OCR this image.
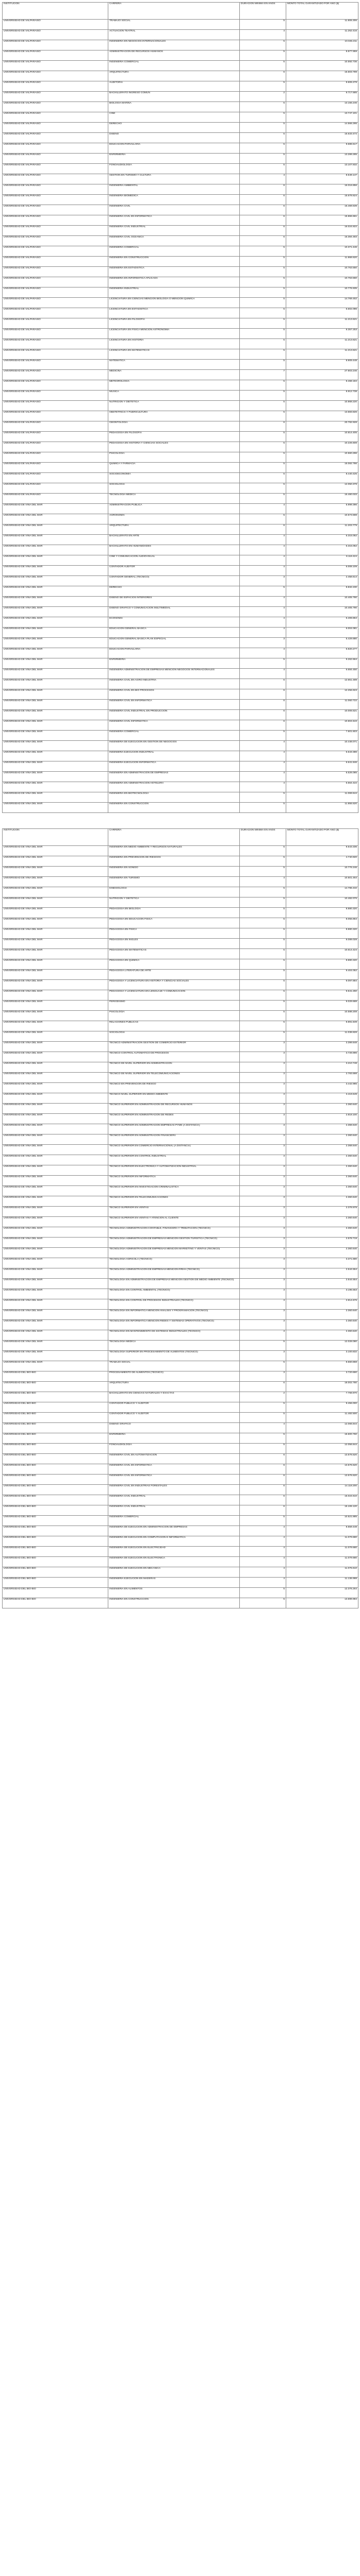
INSTITUCION	CARRERA	DURACION MINIMA EN AÑOS	MONTO TOTAL GARANTIZADO POR AÑO ($)
UNIVERSIDAD DE VALPARAISO	TRABAJO SOCIAL	5	11.806.306
UNIVERSIDAD DE VALPARAISO	ACTUACION TEATRAL	4	11.262.416
UNIVERSIDAD DE VALPARAISO	INGENIERIA EN NEGOCIOS INTERNACIONALES	5	10.045.211
UNIVERSIDAD DE VALPARAISO	ADMINISTRACION DE RECURSOS HUMANOS	5	8.877.959
UNIVERSIDAD DE VALPARAISO	INGENIERIA COMERCIAL	5	10.592.736
UNIVERSIDAD DE VALPARAISO	ARQUITECTURA	6	15.603.789
UNIVERSIDAD DE VALPARAISO	AUDITORIA	5	8.606.278
UNIVERSIDAD DE VALPARAISO	BACHILLERATO INGRESO COMUN	2	9.717.685
UNIVERSIDAD DE VALPARAISO	BIOLOGIA MARINA	5	13.155.246
UNIVERSIDAD DE VALPARAISO	CINE	5	13.747.101
UNIVERSIDAD DE VALPARAISO	DERECHO	5	14.566.295
UNIVERSIDAD DE VALPARAISO	DISEÑO	5	15.633.472
UNIVERSIDAD DE VALPARAISO	EDUCACION PARVULARIA	5	9.686.517
UNIVERSIDAD DE VALPARAISO	ENFERMERIA	5	13.289.285
UNIVERSIDAD DE VALPARAISO	FONOAUDIOLOGIA	5	13.107.832
UNIVERSIDAD DE VALPARAISO	GESTION EN TURISMO Y CULTURA	4	8.549.147
UNIVERSIDAD DE VALPARAISO	INGENIERIA AMBIENTAL	6	16.016.856
UNIVERSIDAD DE VALPARAISO	INGENIERIA BIOMEDICA	6	15.678.624
UNIVERSIDAD DE VALPARAISO	INGENIERIA CIVIL	6	15.469.639
UNIVERSIDAD DE VALPARAISO	INGENIERIA CIVIL EN INFORMATICA	6	15.866.661
UNIVERSIDAD DE VALPARAISO	INGENIERIA CIVIL INDUSTRIAL	6	16.024.822
UNIVERSIDAD DE VALPARAISO	INGENIERIA CIVIL OCEANICA	6	15.384.483
UNIVERSIDAD DE VALPARAISO	INGENIERIA COMERCIAL	5	10.371.446
UNIVERSIDAD DE VALPARAISO	INGENIERIA EN CONSTRUCCION	5	11.868.620
UNIVERSIDAD DE VALPARAISO	INGENIERIA EN ESTADISTICA	5	10.763.550
UNIVERSIDAD DE VALPARAISO	INGENIERIA EN INFORMATICA APLICADA	5	10.763.550
UNIVERSIDAD DE VALPARAISO	INGENIERIA INDUSTRIAL	5	10.776.935
UNIVERSIDAD DE VALPARAISO	LICENCIATURA EN CIENCIAS MENCION BIOLOGIA O MENCION QUIMICA	5	14.769.452
UNIVERSIDAD DE VALPARAISO	LICENCIATURA EN ESTADISTICA	5	6.602.096
UNIVERSIDAD DE VALPARAISO	LICENCIATURA EN FILOSOFIA	5	11.213.621
UNIVERSIDAD DE VALPARAISO	LICENCIATURA EN FISICA MENCION ASTRONOMIA	5	8.357.253
UNIVERSIDAD DE VALPARAISO	LICENCIATURA EN HISTORIA	5	11.213.621
UNIVERSIDAD DE VALPARAISO	LICENCIATURA EN MATEMATICAS	5	11.213.621
UNIVERSIDAD DE VALPARAISO	MATEMATICA	5	8.909.448
UNIVERSIDAD DE VALPARAISO	MEDICINA	7	27.803.246
UNIVERSIDAD DE VALPARAISO	METEOROLOGIA	5	8.468.184
UNIVERSIDAD DE VALPARAISO	MUSICA	5	8.912.738
UNIVERSIDAD DE VALPARAISO	NUTRICION Y DIETETICA	5	10.868.220
UNIVERSIDAD DE VALPARAISO	OBSTETRICIA Y PUERICULTURA	5	13.683.826
UNIVERSIDAD DE VALPARAISO	ODONTOLOGIA	6	20.782.928
UNIVERSIDAD DE VALPARAISO	PEDAGOGIA EN FILOSOFIA	5	10.814.405
UNIVERSIDAD DE VALPARAISO	PEDAGOGIA EN HISTORIA Y CIENCIAS SOCIALES	5	10.226.608
UNIVERSIDAD DE VALPARAISO	PSICOLOGIA	5	10.560.296
UNIVERSIDAD DE VALPARAISO	QUIMICA Y FARMACIA	5	15.082.786
UNIVERSIDAD DE VALPARAISO	SOCIOECONOMIA	5	8.440.425
UNIVERSIDAD DE VALPARAISO	SOCIOLOGIA	5	12.050.378
UNIVERSIDAD DE VALPARAISO	TECNOLOGIA MEDICA	5	15.480.033
UNIVERSIDAD DE VIÑA DEL MAR	ADMINISTRACION PUBLICA	4	5.999.396
UNIVERSIDAD DE VIÑA DEL MAR	AGRONOMIA	5	10.573.598
UNIVERSIDAD DE VIÑA DEL MAR	ARQUITECTURA	6	11.203.779
UNIVERSIDAD DE VIÑA DEL MAR	BACHILLERATO EN ARTE	4	6.315.052
UNIVERSIDAD DE VIÑA DEL MAR	BACHILLERATO EN HUMANIDADES	4	6.315.052
UNIVERSIDAD DE VIÑA DEL MAR	CINE Y COMUNICACION AUDIOVISUAL	4	8.118.424
UNIVERSIDAD DE VIÑA DEL MAR	CONTADOR AUDITOR	4	6.008.109
UNIVERSIDAD DE VIÑA DEL MAR	CONTADOR GENERAL (TECNICO)	3	2.458.614
UNIVERSIDAD DE VIÑA DEL MAR	DERECHO	5	8.832.230
UNIVERSIDAD DE VIÑA DEL MAR	DISEÑO DE ESPACIOS INTERIORES	4	10.405.790
UNIVERSIDAD DE VIÑA DEL MAR	DISEÑO GRAFICO Y COMUNICACION MULTIMEDIAL	4	10.405.790
UNIVERSIDAD DE VIÑA DEL MAR	ECONOMIA	4	6.408.864
UNIVERSIDAD DE VIÑA DEL MAR	EDUCACION GENERAL BASICA	4	6.004.081
UNIVERSIDAD DE VIÑA DEL MAR	EDUCACION GENERAL BASICA PLAN ESPECIAL	3	5.429.880
UNIVERSIDAD DE VIÑA DEL MAR	EDUCACION PARVULARIA	4	6.820.277
UNIVERSIDAD DE VIÑA DEL MAR	ENFERMERIA	5	9.262.664
UNIVERSIDAD DE VIÑA DEL MAR	INGENIERIA ADMINISTRACION DE EMPRESAS MENCION NEGOCIOS INTERNACIONALES	4	6.684.450
UNIVERSIDAD DE VIÑA DEL MAR	INGENIERIA CIVIL EN AGRO INDUSTRIA	6	12.651.489
UNIVERSIDAD DE VIÑA DEL MAR	INGENIERIA CIVIL EN BIO PROCESOS	6	12.256.923
UNIVERSIDAD DE VIÑA DEL MAR	INGENIERIA CIVIL EN INFORMATICA	6	11.060.722
UNIVERSIDAD DE VIÑA DEL MAR	INGENIERIA CIVIL INDUSTRIAL EN PRODUCCION	6	10.006.521
UNIVERSIDAD DE VIÑA DEL MAR	INGENIERIA CIVIL INFORMATICA	6	10.604.643
UNIVERSIDAD DE VIÑA DEL MAR	INGENIERIA COMERCIAL	5	7.601.603
UNIVERSIDAD DE VIÑA DEL MAR	INGENIERIA DE EJECUCION EN GESTION DE NEGOCIOS	4	10.448.071
UNIVERSIDAD DE VIÑA DEL MAR	INGENIERIA EJECUCION INDUSTRIAL	4	6.543.386
UNIVERSIDAD DE VIÑA DEL MAR	INGENIERIA EJECUCION INFORMATICA	4	6.641.846
UNIVERSIDAD DE VIÑA DEL MAR	INGENIERIA EN ADMINISTRACION DE EMPRESAS	4	6.526.085
UNIVERSIDAD DE VIÑA DEL MAR	INGENIERIA EN ADMINISTRACION HOTELERA	4	6.564.422
UNIVERSIDAD DE VIÑA DEL MAR	INGENIERIA EN BIOTECNOLOGIA	5	11.069.644
UNIVERSIDAD DE VIÑA DEL MAR	INGENIERIA EN CONSTRUCCION	5	11.855.520
INSTITUCION	CARRERA	DURACION MINIMA EN AÑOS	MONTO TOTAL GARANTIZADO POR AÑO ($)
UNIVERSIDAD DE VIÑA DEL MAR	INGENIERIA EN MEDIO AMBIENTE Y RECURSOS NATURALES	5	9.543.336
UNIVERSIDAD DE VIÑA DEL MAR	INGENIERIA EN PREVENCION DE RIESGOS	5	4.740.920
UNIVERSIDAD DE VIÑA DEL MAR	INGENIERIA EN SONIDO	5	10.776.246
UNIVERSIDAD DE VIÑA DEL MAR	INGENIERIA EN TURISMO	4	10.501.464
UNIVERSIDAD DE VIÑA DEL MAR	KINESIOLOGIA	5	14.786.432
UNIVERSIDAD DE VIÑA DEL MAR	NUTRICION Y DIETETICA	5	10.482.076
UNIVERSIDAD DE VIÑA DEL MAR	PEDAGOGIA EN BIOLOGIA	5	8.880.320
UNIVERSIDAD DE VIÑA DEL MAR	PEDAGOGIA EN EDUCACION FISICA	5	8.055.864
UNIVERSIDAD DE VIÑA DEL MAR	PEDAGOGIA EN FISICA	5	8.880.320
UNIVERSIDAD DE VIÑA DEL MAR	PEDAGOGIA EN INGLES	5	8.089.028
UNIVERSIDAD DE VIÑA DEL MAR	PEDAGOGIA EN MATEMATICAS	5	10.614.424
UNIVERSIDAD DE VIÑA DEL MAR	PEDAGOGIA EN QUIMICA	5	8.880.320
UNIVERSIDAD DE VIÑA DEL MAR	PEDAGOGIA LITERATURA DE ARTE	5	9.404.052
UNIVERSIDAD DE VIÑA DEL MAR	PEDAGOGIA Y LICENCIATURA EN HISTORIA Y CIENCIAS SOCIALES	5	9.097.884
UNIVERSIDAD DE VIÑA DEL MAR	PEDAGOGIA Y LICENCIATURA EN LENGUAJE Y COMUNICACION	5	9.541.250
UNIVERSIDAD DE VIÑA DEL MAR	PERIODISMO	5	9.029.688
UNIVERSIDAD DE VIÑA DEL MAR	PSICOLOGIA	5	10.588.208
UNIVERSIDAD DE VIÑA DEL MAR	RELACIONES PUBLICAS	5	8.891.849
UNIVERSIDAD DE VIÑA DEL MAR	SOCIOLOGIA	5	11.038.828
UNIVERSIDAD DE VIÑA DEL MAR	TECNICO ADMINISTRACION GESTION DE COMERCIO EXTERIOR	3	3.399.848
UNIVERSIDAD DE VIÑA DEL MAR	TECNICO CONTROL AUTOMATICO DE PROCESOS	3	3.728.896
UNIVERSIDAD DE VIÑA DEL MAR	TECNICO DE NIVEL SUPERIOR EN ADMINISTRACION	3	3.210.748
UNIVERSIDAD DE VIÑA DEL MAR	TECNICO DE NIVEL SUPERIOR EN TELECOMUNICACIONES	3	2.783.698
UNIVERSIDAD DE VIÑA DEL MAR	TECNICO EN PREVENCION DE RIESGO	3	3.442.985
UNIVERSIDAD DE VIÑA DEL MAR	TECNICO NIVEL SUPERIOR EN MEDIO AMBIENTE	3	3.419.649
UNIVERSIDAD DE VIÑA DEL MAR	TECNICO SUPERIOR EN ADMINISTRACION DE RECURSOS HUMANOS	3	2.360.640
UNIVERSIDAD DE VIÑA DEL MAR	TECNICO SUPERIOR EN ADMINISTRACION DE REDES	3	2.818.100
UNIVERSIDAD DE VIÑA DEL MAR	TECNICO SUPERIOR EN ADMINISTRACION EMPRESAS PYME (A DISTANCIA)	3	2.368.640
UNIVERSIDAD DE VIÑA DEL MAR	TECNICO SUPERIOR EN ADMINISTRACION FINANCIERA	3	2.360.640
UNIVERSIDAD DE VIÑA DEL MAR	TECNICO SUPERIOR EN COMERCIO INTERNACIONAL (A DISTANCIA)	3	2.368.640
UNIVERSIDAD DE VIÑA DEL MAR	TECNICO SUPERIOR EN CONTROL INDUSTRIAL	3	2.360.640
UNIVERSIDAD DE VIÑA DEL MAR	TECNICO SUPERIOR EN ELECTRONICA Y AUTOMATIZACION INDUSTRIAL	3	2.360.640
UNIVERSIDAD DE VIÑA DEL MAR	TECNICO SUPERIOR EN INFORMATICA	3	2.360.640
UNIVERSIDAD DE VIÑA DEL MAR	TECNICO SUPERIOR EN INVESTIGACION CRIMINALISTICA	3	2.360.640
UNIVERSIDAD DE VIÑA DEL MAR	TECNICO SUPERIOR EN TELECOMUNICACIONES	3	2.360.640
UNIVERSIDAD DE VIÑA DEL MAR	TECNICO SUPERIOR EN VENTAS	3	2.378.978
UNIVERSIDAD DE VIÑA DEL MAR	TECNICO SUPERIOR EN VENTAS Y ATENCION AL CLIENTE	3	2.360.640
UNIVERSIDAD DE VIÑA DEL MAR	TECNOLOGIA ADMINISTRACION CONTABLE, FINANCIERA Y TRIBUTACION (TECNICO)	3	2.360.640
UNIVERSIDAD DE VIÑA DEL MAR	TECNOLOGIA ADMINISTRACION DE EMPRESAS MENCION GESTION TURISTICA (TECNICO)	3	2.578.719
UNIVERSIDAD DE VIÑA DEL MAR	TECNOLOGIA ADMINISTRACION DE EMPRESAS MENCION MARKETING Y VENTAS (TECNICO)	3	2.360.640
UNIVERSIDAD DE VIÑA DEL MAR	TECNOLOGIA AGRICOLA (TECNICO)	3	3.371.680
UNIVERSIDAD DE VIÑA DEL MAR	TECNOLOGIA ADMINISTRACION DE EMPRESAS MENCION RRHH (TECNICO)	3	2.544.554
UNIVERSIDAD DE VIÑA DEL MAR	TECNOLOGIA EN ADMINISTRACION DE EMPRESAS MENCION GESTION DE MEDIO AMBIENTE (TECNICO)	3	2.544.554
UNIVERSIDAD DE VIÑA DEL MAR	TECNOLOGIA EN CONTROL AMBIENTAL (TECNICO)	3	3.195.553
UNIVERSIDAD DE VIÑA DEL MAR	TECNOLOGIA EN CONTROL DE PROCESOS INDUSTRIALES (TECNICO)	3	2.814.676
UNIVERSIDAD DE VIÑA DEL MAR	TECNOLOGIA EN INFORMATICA MENCION ANALISIS Y PROGRAMACION (TECNICO)	3	2.360.640
UNIVERSIDAD DE VIÑA DEL MAR	TECNOLOGIA EN INFORMATICA MENCION REDES Y SISTEMAS OPERATIVOS (TECNICO)	3	2.360.640
UNIVERSIDAD DE VIÑA DEL MAR	TECNOLOGIA EN MANTENIMIENTO DE SISTEMAS INDUSTRIALES (TECNICO)	3	2.360.640
UNIVERSIDAD DE VIÑA DEL MAR	TECNOLOGIA MEDICA	5	12.028.080
UNIVERSIDAD DE VIÑA DEL MAR	TECNOLOGIA SUPERIOR EN PROCESAMIENTO DE ALIMENTOS (TECNICO)	3	3.100.832
UNIVERSIDAD DE VIÑA DEL MAR	TRABAJO SOCIAL	5	8.560.868
UNIVERSIDAD DEL BIO-BIO	PROCESAMIENTO DE ALIMENTOS (TECNICO)	3	3.720.690
UNIVERSIDAD DEL BIO-BIO	ARQUITECTURA	6	18.002.780
UNIVERSIDAD DEL BIO-BIO	BACHILLERATO EN CIENCIAS NATURALES Y EXACTAS	2	7.768.970
UNIVERSIDAD DEL BIO-BIO	CONTADOR PUBLICO Y AUDITOR	5	9.456.000
UNIVERSIDAD DEL BIO-BIO	CONTADOR PUBLICO Y AUDITOR	5	11.482.500
UNIVERSIDAD DEL BIO-BIO	DISEÑO GRAFICO	4	12.066.844
UNIVERSIDAD DEL BIO-BIO	ENFERMERIA	5	15.600.760
UNIVERSIDAD DEL BIO-BIO	FONOAUDIOLOGIA	5	12.056.844
UNIVERSIDAD DEL BIO-BIO	INGENIERIA CIVIL EN AUTOMATIZACION	6	13.576.520
UNIVERSIDAD DEL BIO-BIO	INGENIERIA CIVIL EN INFORMATICA	6	13.576.520
UNIVERSIDAD DEL BIO-BIO	INGENIERIA CIVIL EN INFORMATICA	6	13.576.520
UNIVERSIDAD DEL BIO-BIO	INGENIERIA CIVIL EN INDUSTRIAS FORESTALES	6	14.118.200
UNIVERSIDAD DEL BIO-BIO	INGENIERIA CIVIL INDUSTRIAL	6	15.024.610
UNIVERSIDAD DEL BIO-BIO	INGENIERIA CIVIL INDUSTRIAL	6	15.106.120
UNIVERSIDAD DEL BIO-BIO	INGENIERIA COMERCIAL	5	10.521.885
UNIVERSIDAD DEL BIO-BIO	INGENIERIA DE EJECUCION EN ADMINISTRACION DE EMPRESAS	4	8.559.448
UNIVERSIDAD DEL BIO-BIO	INGENIERIA DE EJECUCION EN COMPUTACION E INFORMATICA	4	11.079.680
UNIVERSIDAD DEL BIO-BIO	INGENIERIA DE EJECUCION EN ELECTRICIDAD	4	11.079.680
UNIVERSIDAD DEL BIO-BIO	INGENIERIA DE EJECUCION EN ELECTRONICA	4	11.079.680
UNIVERSIDAD DEL BIO-BIO	INGENIERIA DE EJECUCION EN MECANICA	4	11.075.610
UNIVERSIDAD DEL BIO-BIO	INGENIERIA EJECUCION EN MADERAS	4	11.136.998
UNIVERSIDAD DEL BIO-BIO	INGENIERIA EN ALIMENTOS	5	12.376.264
UNIVERSIDAD DEL BIO-BIO	INGENIERIA EN CONSTRUCCION	5	13.699.984
